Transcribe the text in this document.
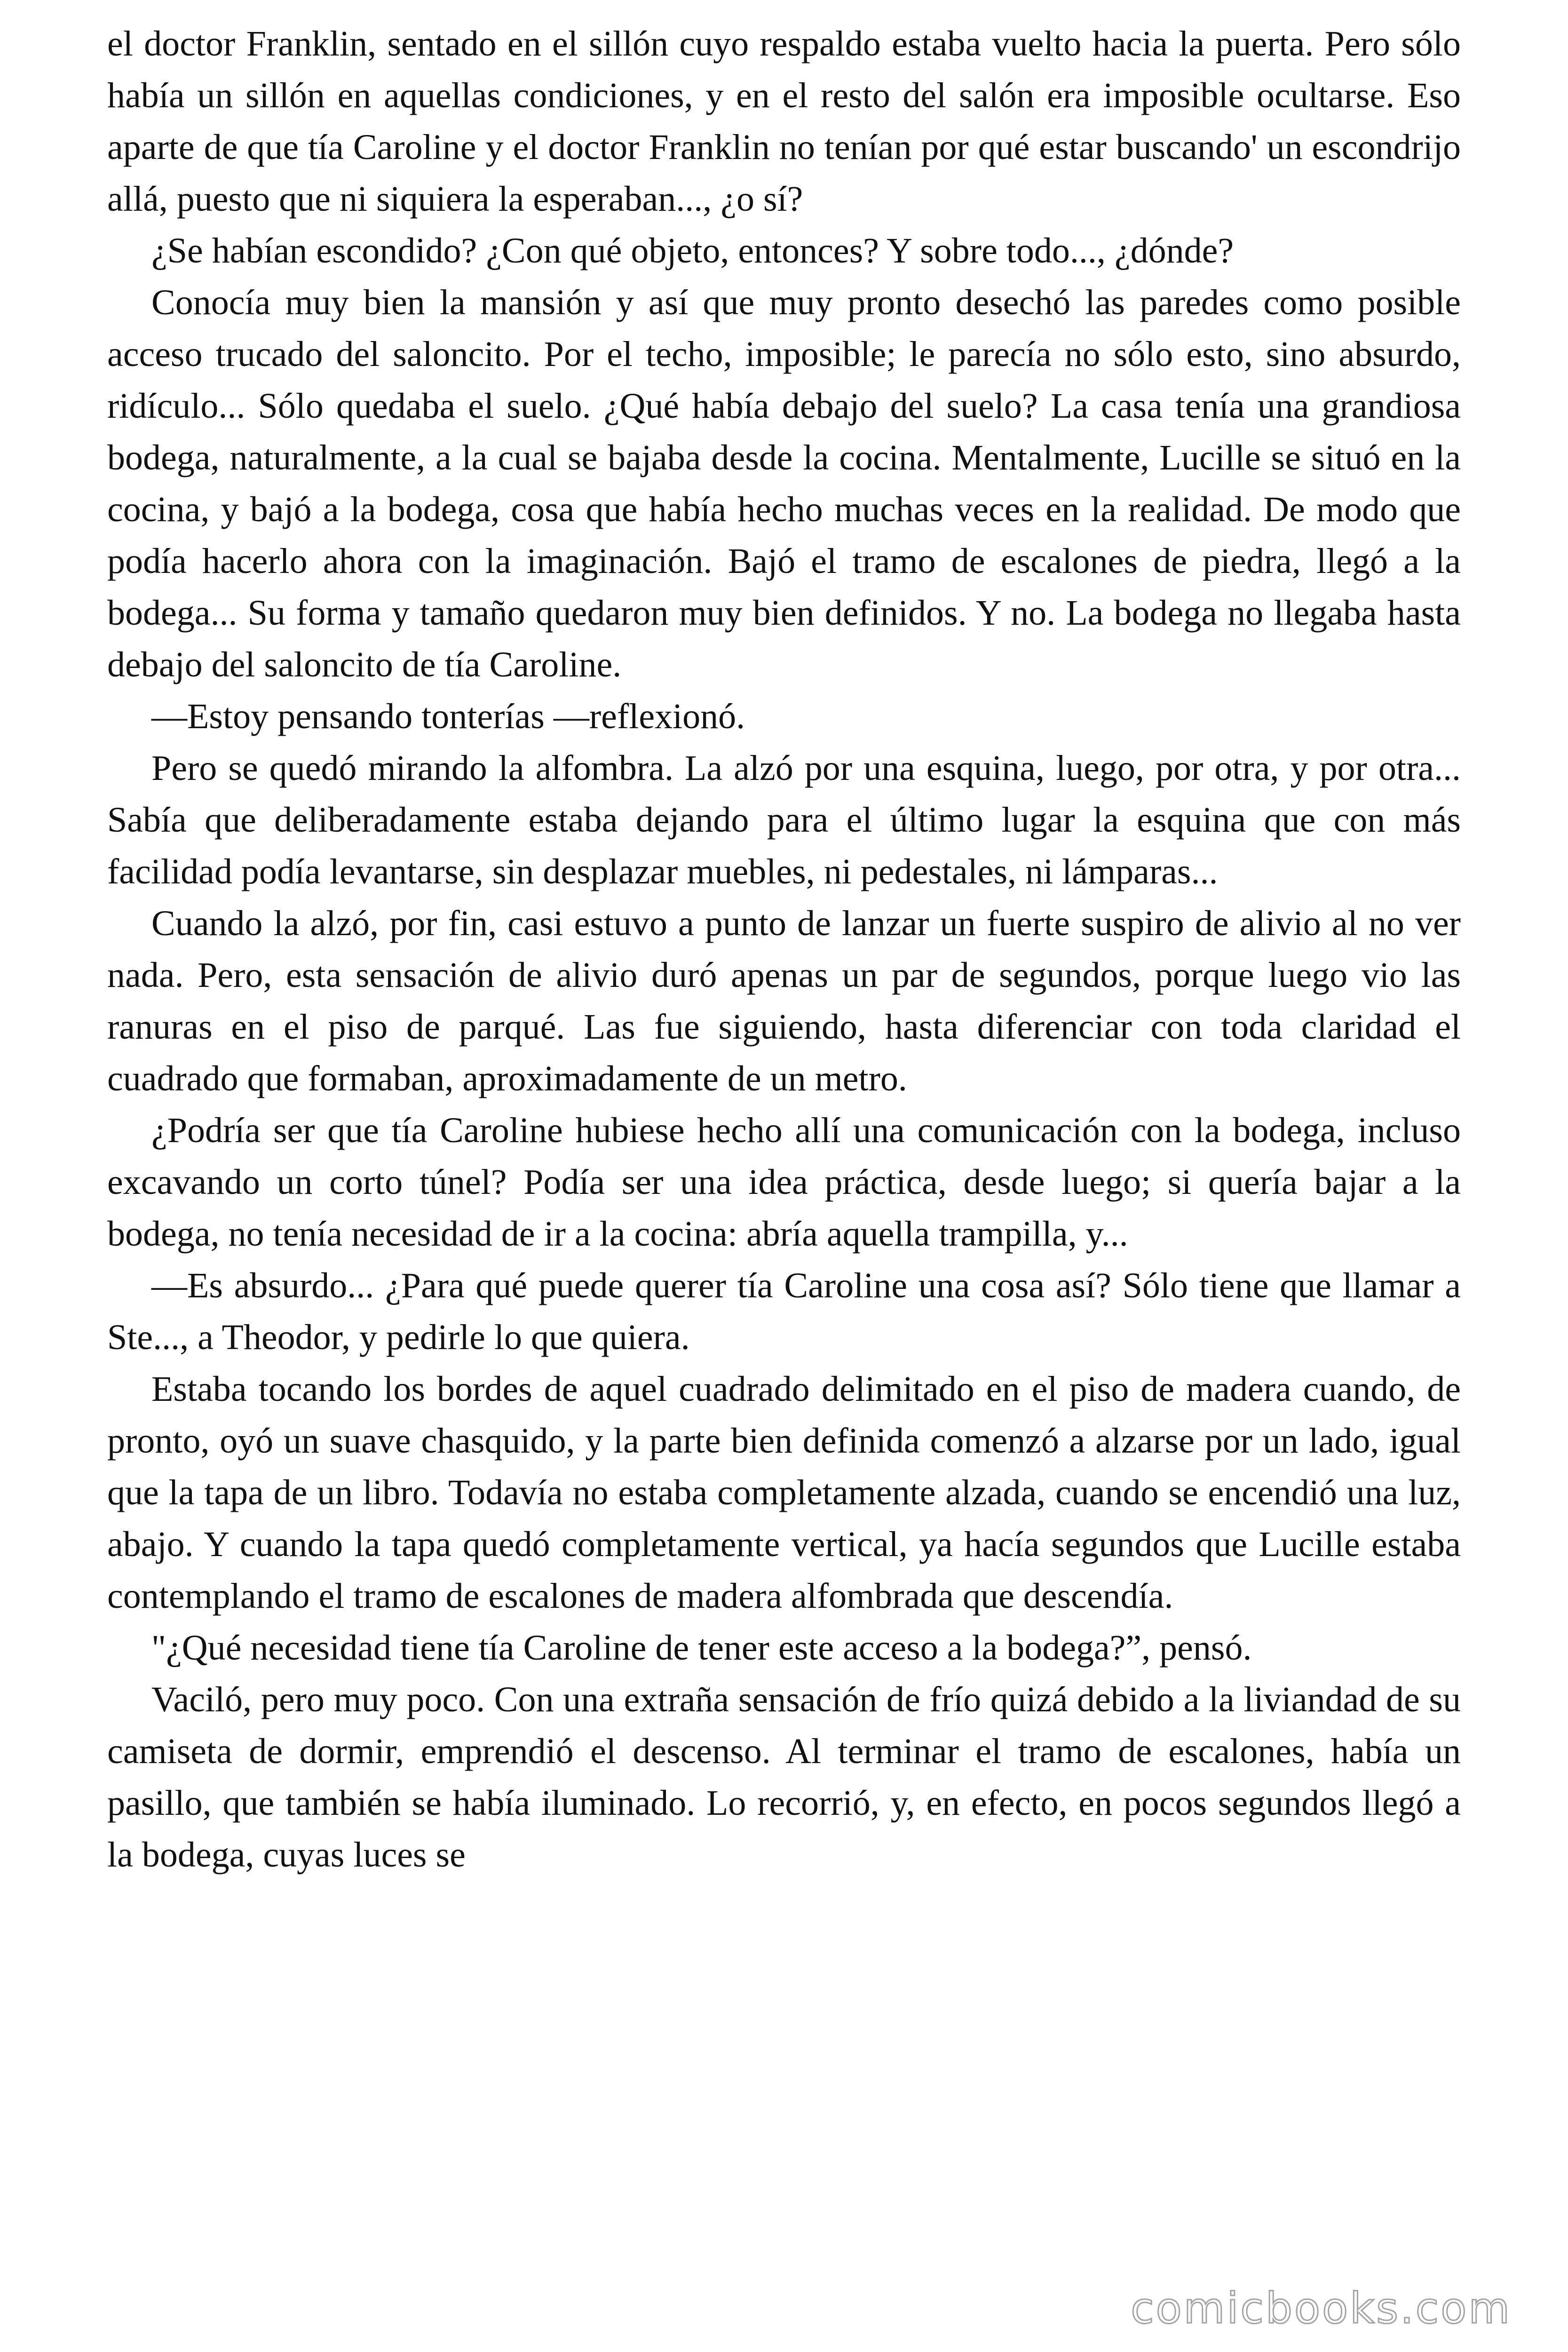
el doctor Franklin, sentado en el sillón cuyo respaldo estaba vuelto hacia la puerta. Pero sólo había un sillón en aquellas condiciones, y en el resto del salón era imposible ocultarse. Eso aparte de que tía Caroline y el doctor Franklin no tenían por qué estar buscando' un escondrijo allá, puesto que ni siquiera la esperaban..., ¿o sí?

¿Se habían escondido? ¿Con qué objeto, entonces? Y sobre todo..., ¿dónde?

Conocía muy bien la mansión y así que muy pronto desechó las paredes como posible acceso trucado del saloncito. Por el techo, imposible; le parecía no sólo esto, sino absurdo, ridículo... Sólo quedaba el suelo. ¿Qué había debajo del suelo? La casa tenía una grandiosa bodega, naturalmente, a la cual se bajaba desde la cocina. Mentalmente, Lucille se situó en la cocina, y bajó a la bodega, cosa que había hecho muchas veces en la realidad. De modo que podía hacerlo ahora con la imaginación. Bajó el tramo de escalones de piedra, llegó a la bodega... Su forma y tamaño quedaron muy bien definidos. Y no. La bodega no llegaba hasta debajo del saloncito de tía Caroline.

—Estoy pensando tonterías —reflexionó.

Pero se quedó mirando la alfombra. La alzó por una esquina, luego, por otra, y por otra... Sabía que deliberadamente estaba dejando para el último lugar la esquina que con más facilidad podía levantarse, sin desplazar muebles, ni pedestales, ni lámparas...

Cuando la alzó, por fin, casi estuvo a punto de lanzar un fuerte suspiro de alivio al no ver nada. Pero, esta sensación de alivio duró apenas un par de segundos, porque luego vio las ranuras en el piso de parqué. Las fue siguiendo, hasta diferenciar con toda claridad el cuadrado que formaban, aproximadamente de un metro.

¿Podría ser que tía Caroline hubiese hecho allí una comunicación con la bodega, incluso excavando un corto túnel? Podía ser una idea práctica, desde luego; si quería bajar a la bodega, no tenía necesidad de ir a la cocina: abría aquella trampilla, y...

—Es absurdo... ¿Para qué puede querer tía Caroline una cosa así? Sólo tiene que llamar a Ste..., a Theodor, y pedirle lo que quiera.

Estaba tocando los bordes de aquel cuadrado delimitado en el piso de madera cuando, de pronto, oyó un suave chasquido, y la parte bien definida comenzó a alzarse por un lado, igual que la tapa de un libro. Todavía no estaba completamente alzada, cuando se encendió una luz, abajo. Y cuando la tapa quedó completamente vertical, ya hacía segundos que Lucille estaba contemplando el tramo de escalones de madera alfombrada que descendía.

"¿Qué necesidad tiene tía Caroline de tener este acceso a la bodega?”, pensó.

Vaciló, pero muy poco. Con una extraña sensación de frío quizá debido a la liviandad de su camiseta de dormir, emprendió el descenso. Al terminar el tramo de escalones, había un pasillo, que también se había iluminado. Lo recorrió, y, en efecto, en pocos segundos llegó a la bodega, cuyas luces se

comicbooks.com
